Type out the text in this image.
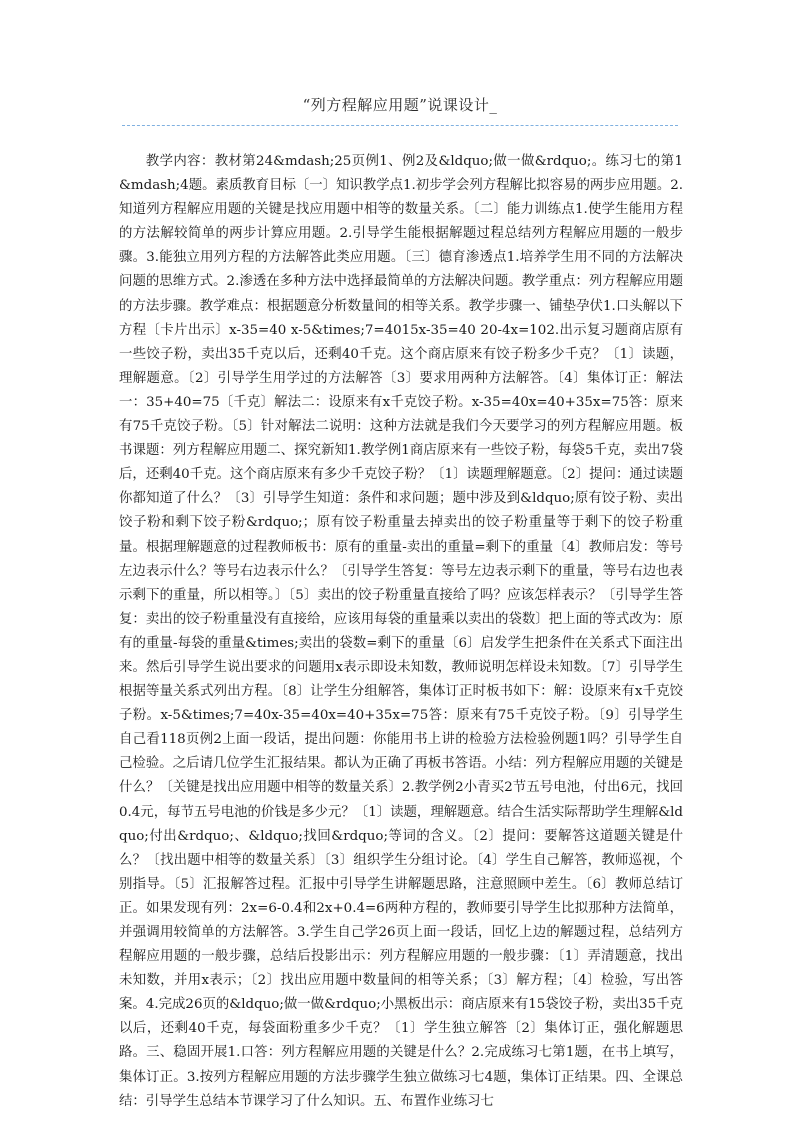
“列方程解应用题”说课设计_

教学内容：教材第24&mdash;25页例1、例2及&ldquo;做一做&rdquo;。练习七的第1&mdash;4题。素质教育目标〔一〕知识教学点1.初步学会列方程解比拟容易的两步应用题。2.知道列方程解应用题的关键是找应用题中相等的数量关系。〔二〕能力训练点1.使学生能用方程的方法解较简单的两步计算应用题。2.引导学生能根据解题过程总结列方程解应用题的一般步骤。3.能独立用列方程的方法解答此类应用题。〔三〕德育渗透点1.培养学生用不同的方法解决问题的思维方式。2.渗透在多种方法中选择最简单的方法解决问题。教学重点：列方程解应用题的方法步骤。教学难点：根据题意分析数量间的相等关系。教学步骤一、铺垫孕伏1.口头解以下方程〔卡片出示〕x-35=40 x-5&times;7=4015x-35=40 20-4x=102.出示复习题商店原有一些饺子粉，卖出35千克以后，还剩40千克。这个商店原来有饺子粉多少千克？〔1〕读题，理解题意。〔2〕引导学生用学过的方法解答〔3〕要求用两种方法解答。〔4〕集体订正：解法一：35+40=75〔千克〕解法二：设原来有x千克饺子粉。x-35=40x=40+35x=75答：原来有75千克饺子粉。〔5〕针对解法二说明：这种方法就是我们今天要学习的列方程解应用题。板书课题：列方程解应用题二、探究新知1.教学例1商店原来有一些饺子粉，每袋5千克，卖出7袋后，还剩40千克。这个商店原来有多少千克饺子粉？〔1〕读题理解题意。〔2〕提问：通过读题你都知道了什么？〔3〕引导学生知道：条件和求问题；题中涉及到&ldquo;原有饺子粉、卖出饺子粉和剩下饺子粉&rdquo;；原有饺子粉重量去掉卖出的饺子粉重量等于剩下的饺子粉重量。根据理解题意的过程教师板书：原有的重量-卖出的重量=剩下的重量〔4〕教师启发：等号左边表示什么？等号右边表示什么？〔引导学生答复：等号左边表示剩下的重量，等号右边也表示剩下的重量，所以相等。〕〔5〕卖出的饺子粉重量直接给了吗？应该怎样表示？〔引导学生答复：卖出的饺子粉重量没有直接给，应该用每袋的重量乘以卖出的袋数〕把上面的等式改为：原有的重量-每袋的重量&times;卖出的袋数=剩下的重量〔6〕启发学生把条件在关系式下面注出来。然后引导学生说出要求的问题用x表示即设未知数，教师说明怎样设未知数。〔7〕引导学生根据等量关系式列出方程。〔8〕让学生分组解答，集体订正时板书如下：解：设原来有x千克饺子粉。x-5&times;7=40x-35=40x=40+35x=75答：原来有75千克饺子粉。〔9〕引导学生自己看118页例2上面一段话，提出问题：你能用书上讲的检验方法检验例题1吗？引导学生自己检验。之后请几位学生汇报结果。都认为正确了再板书答语。小结：列方程解应用题的关键是什么？〔关键是找出应用题中相等的数量关系〕2.教学例2小青买2节五号电池，付出6元，找回0.4元，每节五号电池的价钱是多少元？〔1〕读题，理解题意。结合生活实际帮助学生理解&ldquo;付出&rdquo;、&ldquo;找回&rdquo;等词的含义。〔2〕提问：要解答这道题关键是什么？〔找出题中相等的数量关系〕〔3〕组织学生分组讨论。〔4〕学生自己解答，教师巡视，个别指导。〔5〕汇报解答过程。汇报中引导学生讲解题思路，注意照顾中差生。〔6〕教师总结订正。如果发现有列：2x=6-0.4和2x+0.4=6两种方程的，教师要引导学生比拟那种方法简单，并强调用较简单的方法解答。3.学生自己学26页上面一段话，回忆上边的解题过程，总结列方程解应用题的一般步骤，总结后投影出示：列方程解应用题的一般步骤：〔1〕弄清题意，找出未知数，并用x表示；〔2〕找出应用题中数量间的相等关系；〔3〕解方程；〔4〕检验，写出答案。4.完成26页的&ldquo;做一做&rdquo;小黑板出示：商店原来有15袋饺子粉，卖出35千克以后，还剩40千克，每袋面粉重多少千克？〔1〕学生独立解答〔2〕集体订正，强化解题思路。三、稳固开展1.口答：列方程解应用题的关键是什么？2.完成练习七第1题，在书上填写，集体订正。3.按列方程解应用题的方法步骤学生独立做练习七4题，集体订正结果。四、全课总结：引导学生总结本节课学习了什么知识。五、布置作业练习七
